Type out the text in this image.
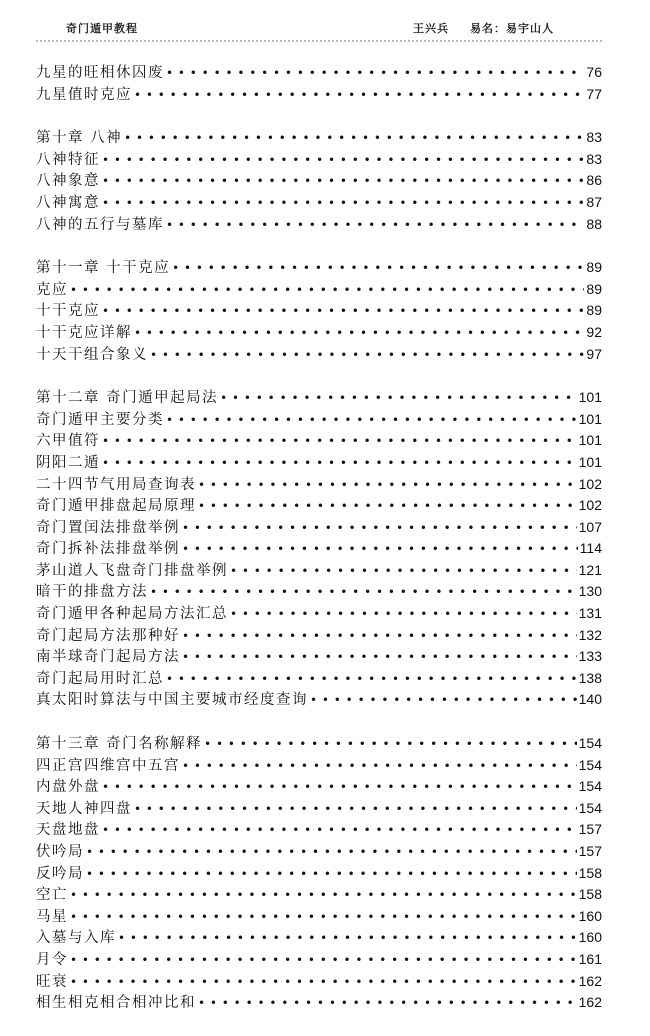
奇门遁甲教程	王兴兵 易名：易宇山人
九星的旺相休囚废 • • •	76
九星值时克应 • • •	77
第十章 八神 • • •	83
八神特征 • • •	83
八神象意 • • •	86
八神寓意 • • •	87
八神的五行与墓库 • • •	88
第十一章 十干克应 • • •	89
克应 • • •	89
十干克应 • • •	89
十干克应详解 • • •	92
十天干组合象义 • • •	97
第十二章 奇门遁甲起局法 • • •	101
奇门遁甲主要分类 • • •	101
六甲值符 • • •	101
阴阳二遁 • • •	101
二十四节气用局查询表 • • •	102
奇门遁甲排盘起局原理 • • •	102
奇门置闰法排盘举例 • • •	107
奇门拆补法排盘举例 • • •	114
茅山道人飞盘奇门排盘举例 • • •	121
暗干的排盘方法 • • •	130
奇门遁甲各种起局方法汇总 • • •	131
奇门起局方法那种好 • • •	132
南半球奇门起局方法 • • •	133
奇门起局用时汇总 • • •	138
真太阳时算法与中国主要城市经度查询 • • •	140
第十三章 奇门名称解释 • • •	154
四正宫四维宫中五宫 • • •	154
内盘外盘 • • •	154
天地人神四盘 • • •	154
天盘地盘 • • •	157
伏吟局 • • •	157
反吟局 • • •	158
空亡 • • •	158
马星 • • •	160
入墓与入库 • • •	160
月令 • • •	161
旺衰 • • •	162
相生相克相合相冲比和 • • •	162
